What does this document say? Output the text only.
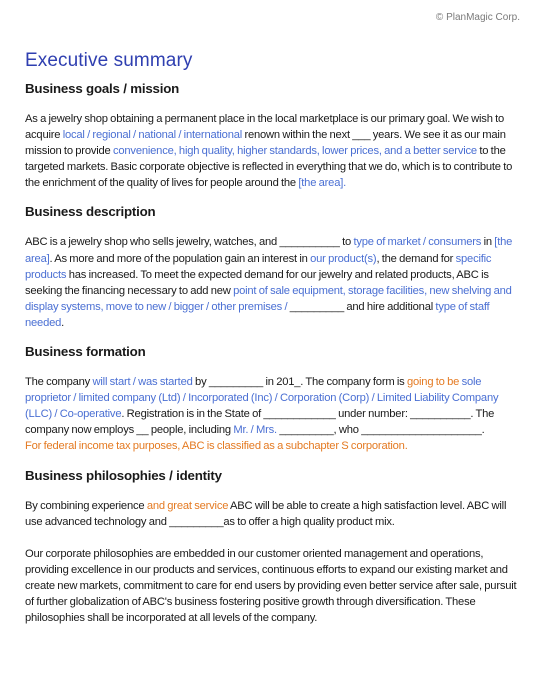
© PlanMagic Corp.
Executive summary
Business goals / mission

As a jewelry shop obtaining a permanent place in the local marketplace is our primary goal. We wish to acquire local / regional / national / international renown within the next ___ years. We see it as our main mission to provide convenience, high quality, higher standards, lower prices, and a better service to the targeted markets. Basic corporate objective is reflected in everything that we do, which is to contribute to the enrichment of the quality of lives for people around the [the area].

Business description

ABC is a jewelry shop who sells jewelry, watches, and __________ to type of market / consumers in [the area]. As more and more of the population gain an interest in our product(s), the demand for specific products has increased. To meet the expected demand for our jewelry and related products, ABC is seeking the financing necessary to add new point of sale equipment, storage facilities, new shelving and display systems, move to new / bigger / other premises / _________ and hire additional type of staff needed.

Business formation

The company will start / was started by _________ in 201_. The company form is going to be sole proprietor / limited company (Ltd) / Incorporated (Inc) / Corporation (Corp) / Limited Liability Company (LLC) / Co-operative. Registration is in the State of ____________ under number: __________. The company now employs __ people, including Mr. / Mrs. _________, who ____________________.

For federal income tax purposes, ABC is classified as a subchapter S corporation.

Business philosophies / identity

By combining experience and great service ABC will be able to create a high satisfaction level. ABC will use advanced technology and _________as to offer a high quality product mix.

Our corporate philosophies are embedded in our customer oriented management and operations, providing excellence in our products and services, continuous efforts to expand our existing market and create new markets, commitment to care for end users by providing even better service after sale, pursuit of further globalization of ABC's business fostering positive growth through diversification. These philosophies shall be incorporated at all levels of the company.
